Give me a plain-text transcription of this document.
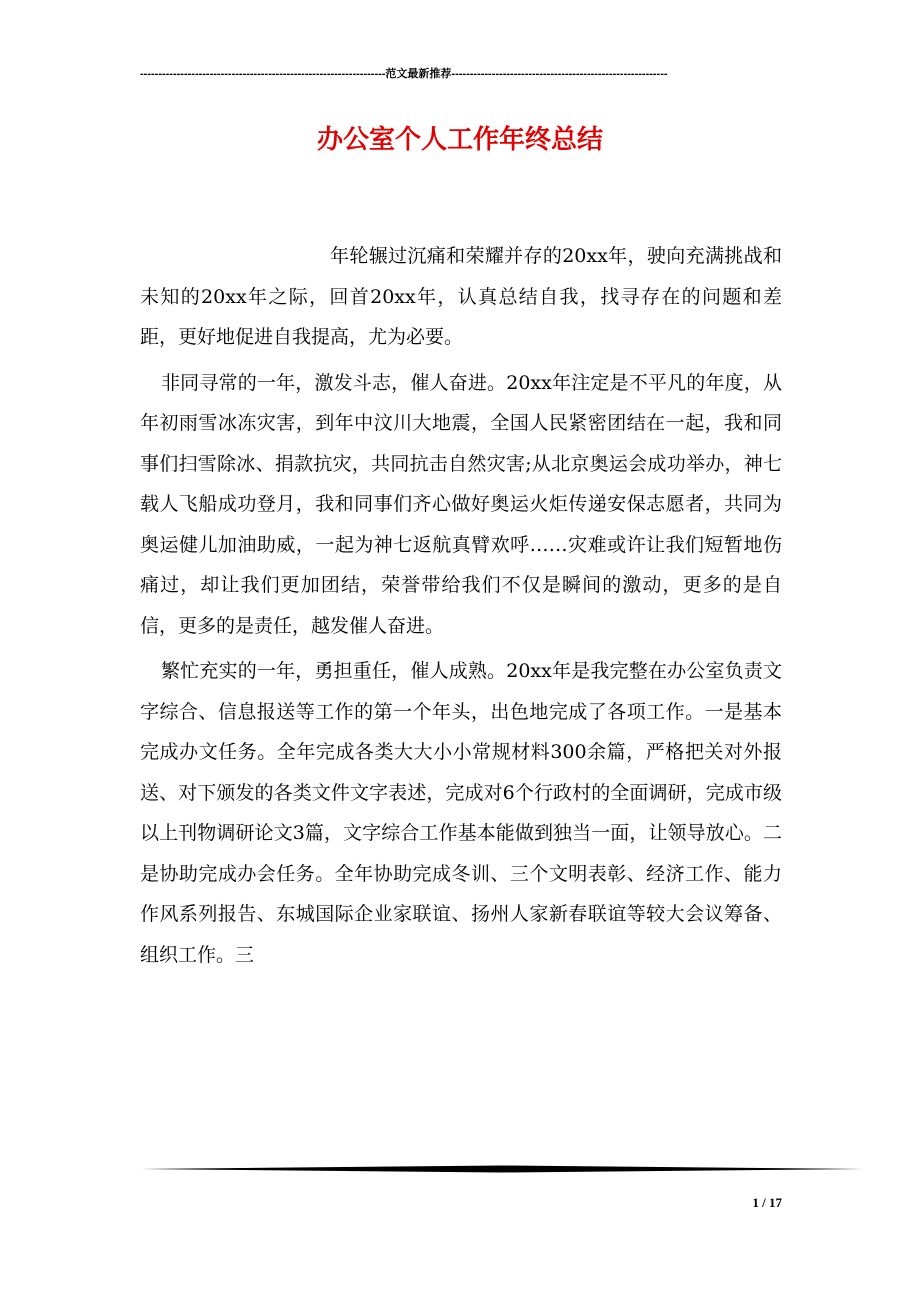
-------------------------------------------------------------------范文最新推荐-----------------------------------------------------------
办公室个人工作年终总结

年轮辗过沉痛和荣耀并存的20xx年，驶向充满挑战和未知的20xx年之际，回首20xx年，认真总结自我，找寻存在的问题和差距，更好地促进自我提高，尤为必要。

非同寻常的一年，激发斗志，催人奋进。20xx年注定是不平凡的年度，从年初雨雪冰冻灾害，到年中汶川大地震，全国人民紧密团结在一起，我和同事们扫雪除冰、捐款抗灾，共同抗击自然灾害;从北京奥运会成功举办，神七载人飞船成功登月，我和同事们齐心做好奥运火炬传递安保志愿者，共同为奥运健儿加油助威，一起为神七返航真臂欢呼……灾难或许让我们短暂地伤痛过，却让我们更加团结，荣誉带给我们不仅是瞬间的激动，更多的是自信，更多的是责任，越发催人奋进。

繁忙充实的一年，勇担重任，催人成熟。20xx年是我完整在办公室负责文字综合、信息报送等工作的第一个年头，出色地完成了各项工作。一是基本完成办文任务。全年完成各类大大小小常规材料300余篇，严格把关对外报送、对下颁发的各类文件文字表述，完成对6个行政村的全面调研，完成市级以上刊物调研论文3篇，文字综合工作基本能做到独当一面，让领导放心。二是协助完成办会任务。全年协助完成冬训、三个文明表彰、经济工作、能力作风系列报告、东城国际企业家联谊、扬州人家新春联谊等较大会议筹备、组织工作。三

1 / 17
